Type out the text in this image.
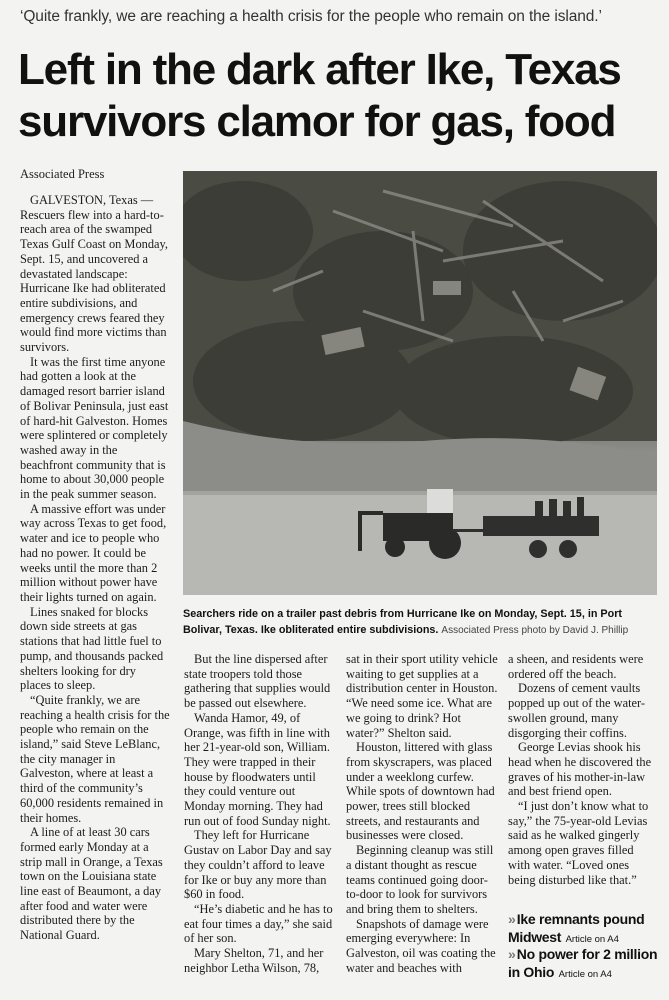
‘Quite frankly, we are reaching a health crisis for the people who remain on the island.’
Left in the dark after Ike, Texas
survivors clamor for gas, food
Associated Press

GALVESTON, Texas — Rescuers flew into a hard-to-reach area of the swamped Texas Gulf Coast on Monday, Sept. 15, and uncovered a devastated landscape: Hurricane Ike had obliterated entire subdivisions, and emergency crews feared they would find more victims than survivors.

It was the first time anyone had gotten a look at the damaged resort barrier island of Bolivar Peninsula, just east of hard-hit Galveston. Homes were splintered or completely washed away in the beachfront community that is home to about 30,000 people in the peak summer season.

A massive effort was under way across Texas to get food, water and ice to people who had no power. It could be weeks until the more than 2 million without power have their lights turned on again.

Lines snaked for blocks down side streets at gas stations that had little fuel to pump, and thousands packed shelters looking for dry places to sleep.

“Quite frankly, we are reaching a health crisis for the people who remain on the island,” said Steve LeBlanc, the city manager in Galveston, where at least a third of the community’s 60,000 residents remained in their homes.

A line of at least 30 cars formed early Monday at a strip mall in Orange, a Texas town on the Louisiana state line east of Beaumont, a day after food and water were distributed there by the National Guard.

Searchers ride on a trailer past debris from Hurricane Ike on Monday, Sept. 15, in Port Bolivar, Texas. Ike obliterated entire subdivisions. Associated Press photo by David J. Phillip

But the line dispersed after state troopers told those gathering that supplies would be passed out elsewhere.

Wanda Hamor, 49, of Orange, was fifth in line with her 21-year-old son, William. They were trapped in their house by floodwaters until they could venture out Monday morning. They had run out of food Sunday night.

They left for Hurricane Gustav on Labor Day and say they couldn’t afford to leave for Ike or buy any more than $60 in food.

“He’s diabetic and he has to eat four times a day,” she said of her son.

Mary Shelton, 71, and her neighbor Letha Wilson, 78,

sat in their sport utility vehicle waiting to get supplies at a distribution center in Houston. “We need some ice. What are we going to drink? Hot water?” Shelton said.

Houston, littered with glass from skyscrapers, was placed under a weeklong curfew. While spots of downtown had power, trees still blocked streets, and restaurants and businesses were closed.

Beginning cleanup was still a distant thought as rescue teams continued going door-to-door to look for survivors and bring them to shelters.

Snapshots of damage were emerging everywhere: In Galveston, oil was coating the water and beaches with

a sheen, and residents were ordered off the beach.

Dozens of cement vaults popped up out of the water-swollen ground, many disgorging their coffins.

George Levias shook his head when he discovered the graves of his mother-in-law and best friend open.

“I just don’t know what to say,” the 75-year-old Levias said as he walked gingerly among open graves filled with water. “Loved ones being disturbed like that.”

» Ike remnants pound Midwest Article on A4
» No power for 2 million in Ohio Article on A4
